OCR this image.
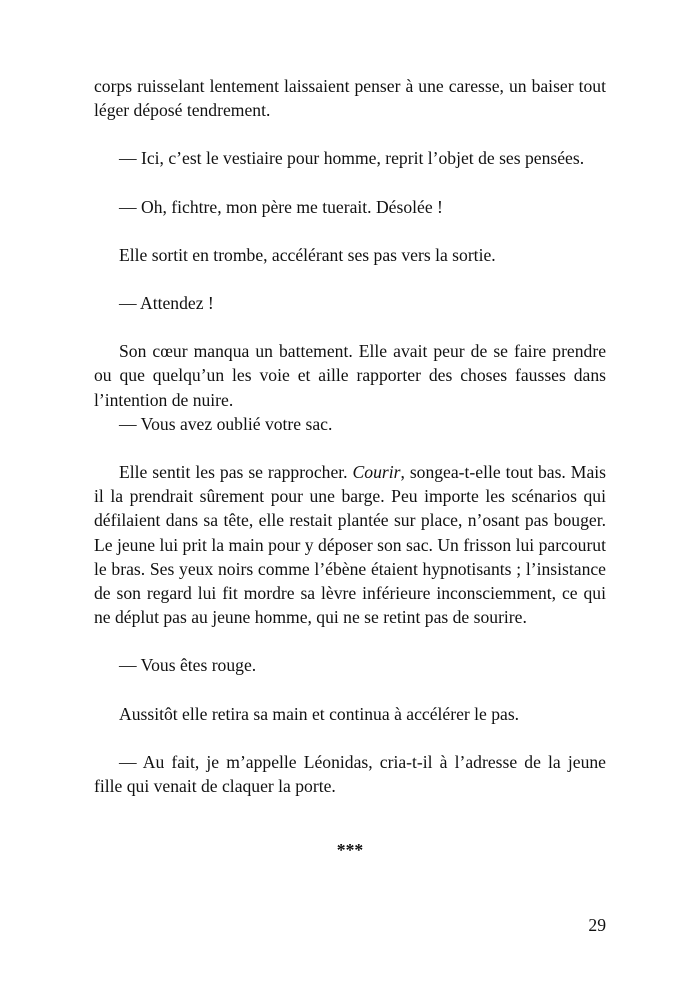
corps ruisselant lentement laissaient penser à une caresse, un baiser tout léger déposé tendrement.

— Ici, c’est le vestiaire pour homme, reprit l’objet de ses pensées.

— Oh, fichtre, mon père me tuerait. Désolée !

Elle sortit en trombe, accélérant ses pas vers la sortie.

— Attendez !

Son cœur manqua un battement. Elle avait peur de se faire prendre ou que quelqu’un les voie et aille rapporter des choses fausses dans l’intention de nuire.

— Vous avez oublié votre sac.

Elle sentit les pas se rapprocher. Courir, songea-t-elle tout bas. Mais il la prendrait sûrement pour une barge. Peu importe les scénarios qui défilaient dans sa tête, elle restait plantée sur place, n’osant pas bouger. Le jeune lui prit la main pour y déposer son sac. Un frisson lui parcourut le bras. Ses yeux noirs comme l’ébène étaient hypnotisants ; l’insistance de son regard lui fit mordre sa lèvre inférieure inconsciemment, ce qui ne déplut pas au jeune homme, qui ne se retint pas de sourire.

— Vous êtes rouge.

Aussitôt elle retira sa main et continua à accélérer le pas.

— Au fait, je m’appelle Léonidas, cria-t-il à l’adresse de la jeune fille qui venait de claquer la porte.

***
29
